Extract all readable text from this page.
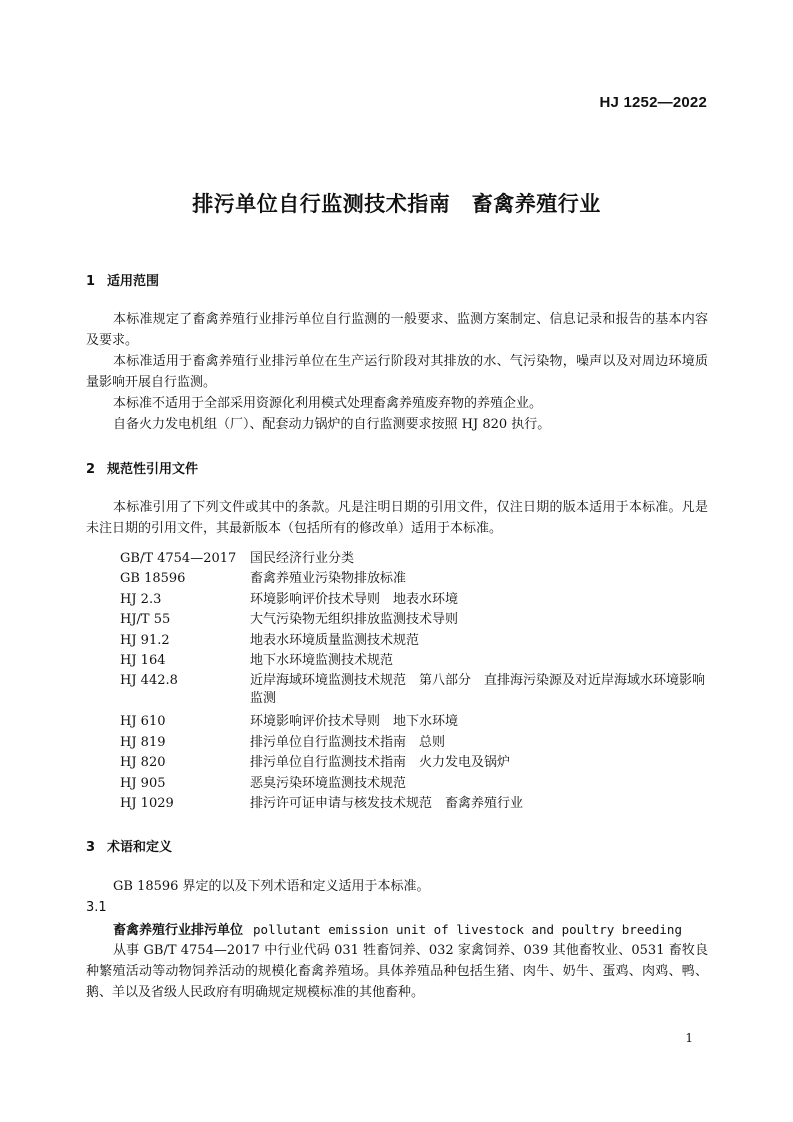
HJ 1252—2022
排污单位自行监测技术指南　畜禽养殖行业
1 适用范围
本标准规定了畜禽养殖行业排污单位自行监测的一般要求、监测方案制定、信息记录和报告的基本内容及要求。
本标准适用于畜禽养殖行业排污单位在生产运行阶段对其排放的水、气污染物，噪声以及对周边环境质量影响开展自行监测。
本标准不适用于全部采用资源化利用模式处理畜禽养殖废弃物的养殖企业。
自备火力发电机组（厂）、配套动力锅炉的自行监测要求按照 HJ 820 执行。
2 规范性引用文件
本标准引用了下列文件或其中的条款。凡是注明日期的引用文件，仅注日期的版本适用于本标准。凡是未注日期的引用文件，其最新版本（包括所有的修改单）适用于本标准。
GB/T 4754—2017	国民经济行业分类
GB 18596	畜禽养殖业污染物排放标准
HJ 2.3	环境影响评价技术导则　地表水环境
HJ/T 55	大气污染物无组织排放监测技术导则
HJ 91.2	地表水环境质量监测技术规范
HJ 164	地下水环境监测技术规范
HJ 442.8	近岸海域环境监测技术规范　第八部分　直排海污染源及对近岸海域水环境影响监测
HJ 610	环境影响评价技术导则　地下水环境
HJ 819	排污单位自行监测技术指南　总则
HJ 820	排污单位自行监测技术指南　火力发电及锅炉
HJ 905	恶臭污染环境监测技术规范
HJ 1029	排污许可证申请与核发技术规范　畜禽养殖行业
3 术语和定义
GB 18596 界定的以及下列术语和定义适用于本标准。
3.1
畜禽养殖行业排污单位 pollutant emission unit of livestock and poultry breeding
从事 GB/T 4754—2017 中行业代码 031 牲畜饲养、032 家禽饲养、039 其他畜牧业、0531 畜牧良种繁殖活动等动物饲养活动的规模化畜禽养殖场。具体养殖品种包括生猪、肉牛、奶牛、蛋鸡、肉鸡、鸭、鹅、羊以及省级人民政府有明确规定规模标准的其他畜种。
1
